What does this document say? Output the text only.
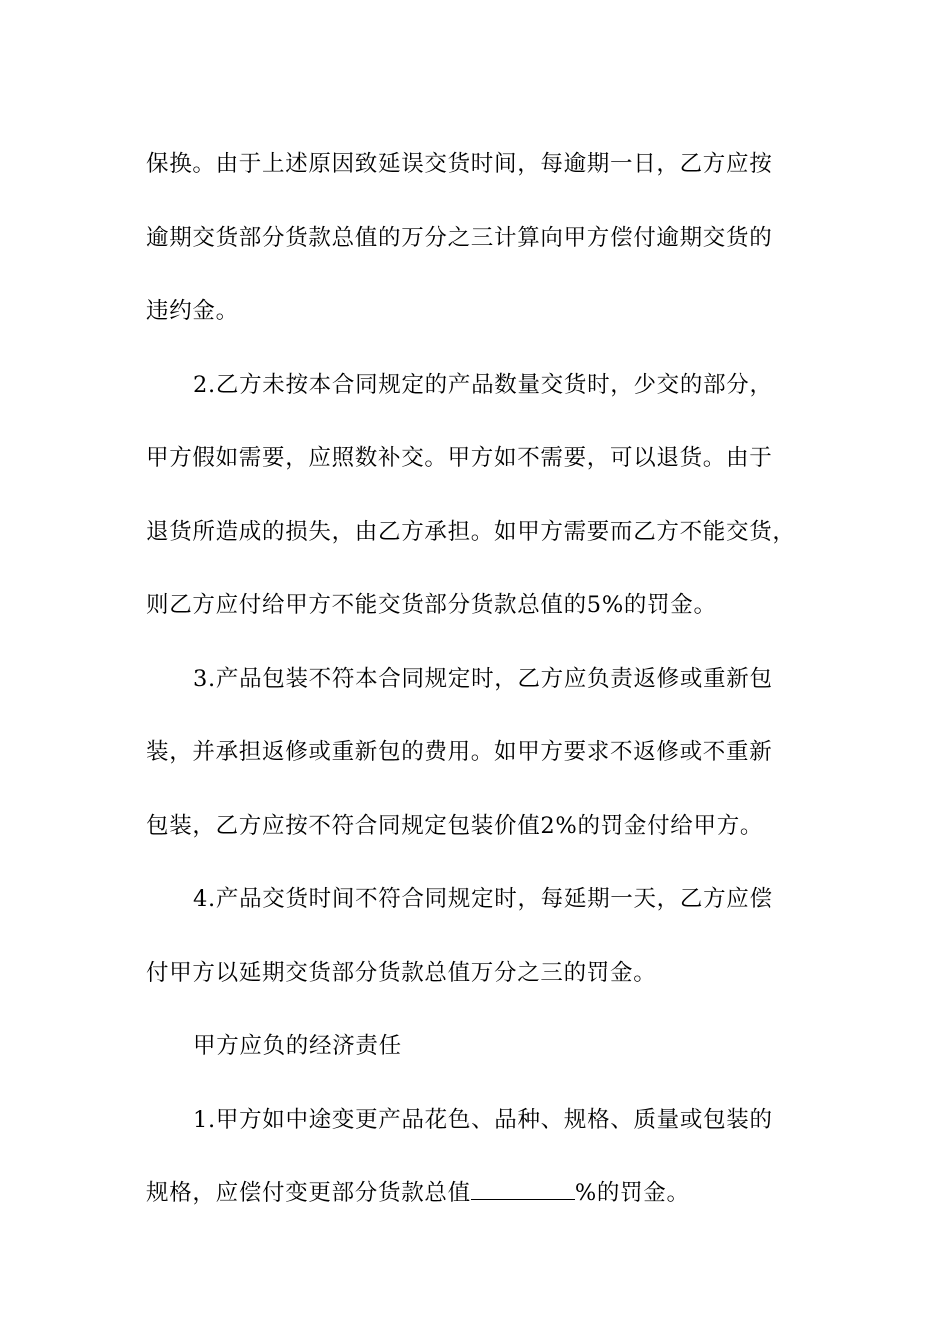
保换。由于上述原因致延误交货时间，每逾期一日，乙方应按
逾期交货部分货款总值的万分之三计算向甲方偿付逾期交货的
违约金。

2.乙方未按本合同规定的产品数量交货时，少交的部分，
甲方假如需要，应照数补交。甲方如不需要，可以退货。由于
退货所造成的损失，由乙方承担。如甲方需要而乙方不能交货，
则乙方应付给甲方不能交货部分货款总值的5%的罚金。

3.产品包装不符本合同规定时，乙方应负责返修或重新包
装，并承担返修或重新包的费用。如甲方要求不返修或不重新
包装，乙方应按不符合同规定包装价值2%的罚金付给甲方。

4.产品交货时间不符合同规定时，每延期一天，乙方应偿
付甲方以延期交货部分货款总值万分之三的罚金。

甲方应负的经济责任

1.甲方如中途变更产品花色、品种、规格、质量或包装的
规格，应偿付变更部分货款总值	%的罚金。
